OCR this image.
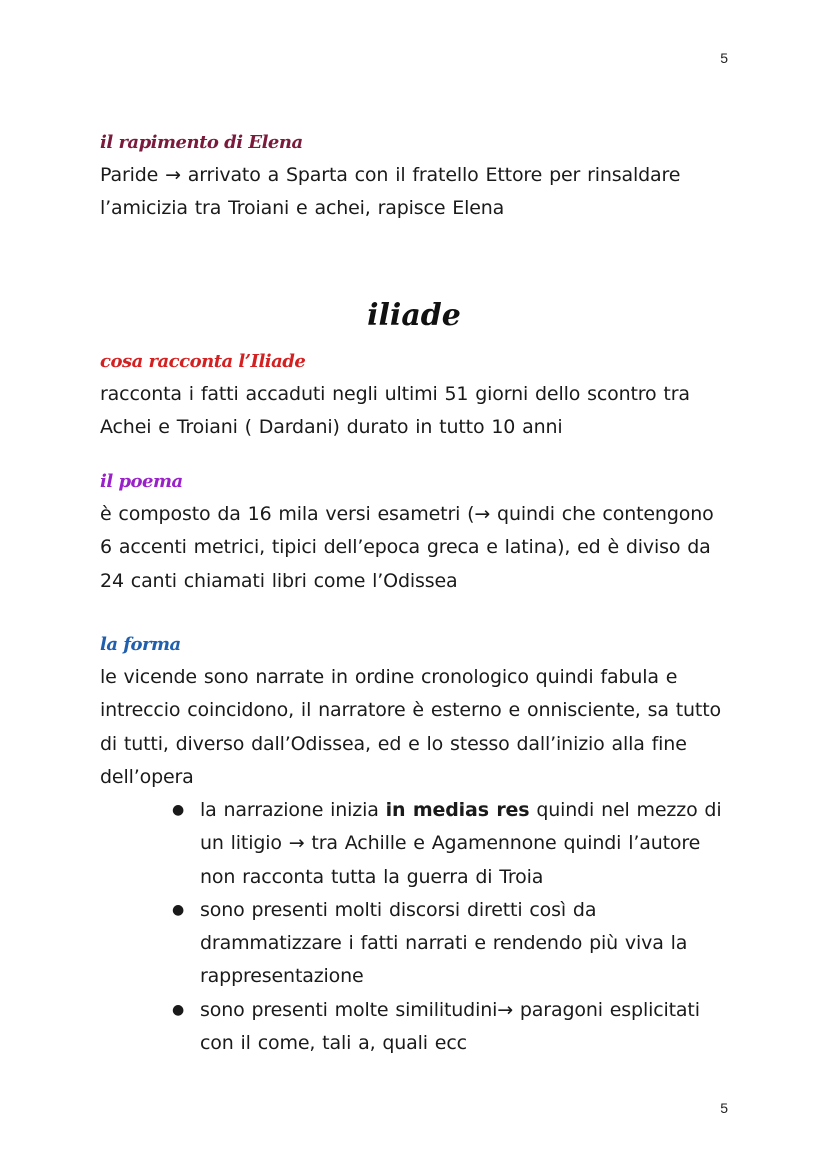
5
il rapimento di Elena
Paride → arrivato a Sparta con il fratello Ettore per rinsaldare l’amicizia tra Troiani e achei, rapisce Elena
iliade
cosa racconta l’Iliade
racconta i fatti accaduti negli ultimi 51 giorni dello scontro tra Achei e Troiani ( Dardani) durato in tutto 10 anni
il poema
è composto da 16 mila versi esametri (→ quindi che contengono 6 accenti metrici, tipici dell’epoca greca e latina), ed è diviso da 24 canti chiamati libri come l’Odissea
la forma
le vicende sono narrate in ordine cronologico quindi fabula e intreccio coincidono, il narratore è esterno e onnisciente, sa tutto di tutti, diverso dall’Odissea, ed e lo stesso dall’inizio alla fine dell’opera
● la narrazione inizia in medias res quindi nel mezzo di un litigio → tra Achille e Agamennone quindi l’autore non racconta tutta la guerra di Troia
● sono presenti molti discorsi diretti così da drammatizzare i fatti narrati e rendendo più viva la rappresentazione
● sono presenti molte similitudini→ paragoni esplicitati con il come, tali a, quali ecc
5
